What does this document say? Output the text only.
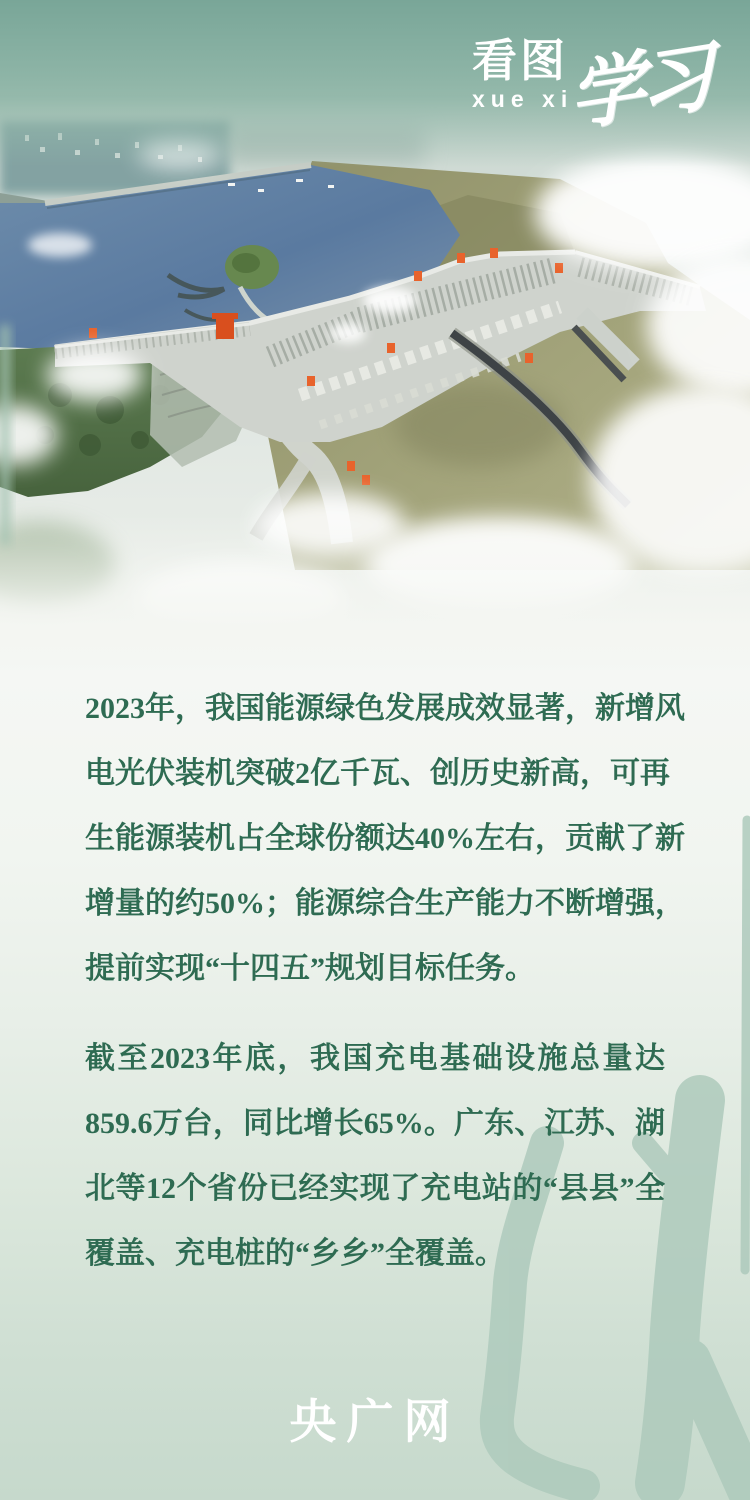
看图
xue xi
学习
2023年，我国能源绿色发展成效显著，新增风
电光伏装机突破2亿千瓦、创历史新高，可再
生能源装机占全球份额达40%左右，贡献了新
增量的约50%；能源综合生产能力不断增强，
提前实现“十四五”规划目标任务。
截至2023年底，我国充电基础设施总量达
859.6万台，同比增长65%。广东、江苏、湖
北等12个省份已经实现了充电站的“县县”全
覆盖、充电桩的“乡乡”全覆盖。
央广网
